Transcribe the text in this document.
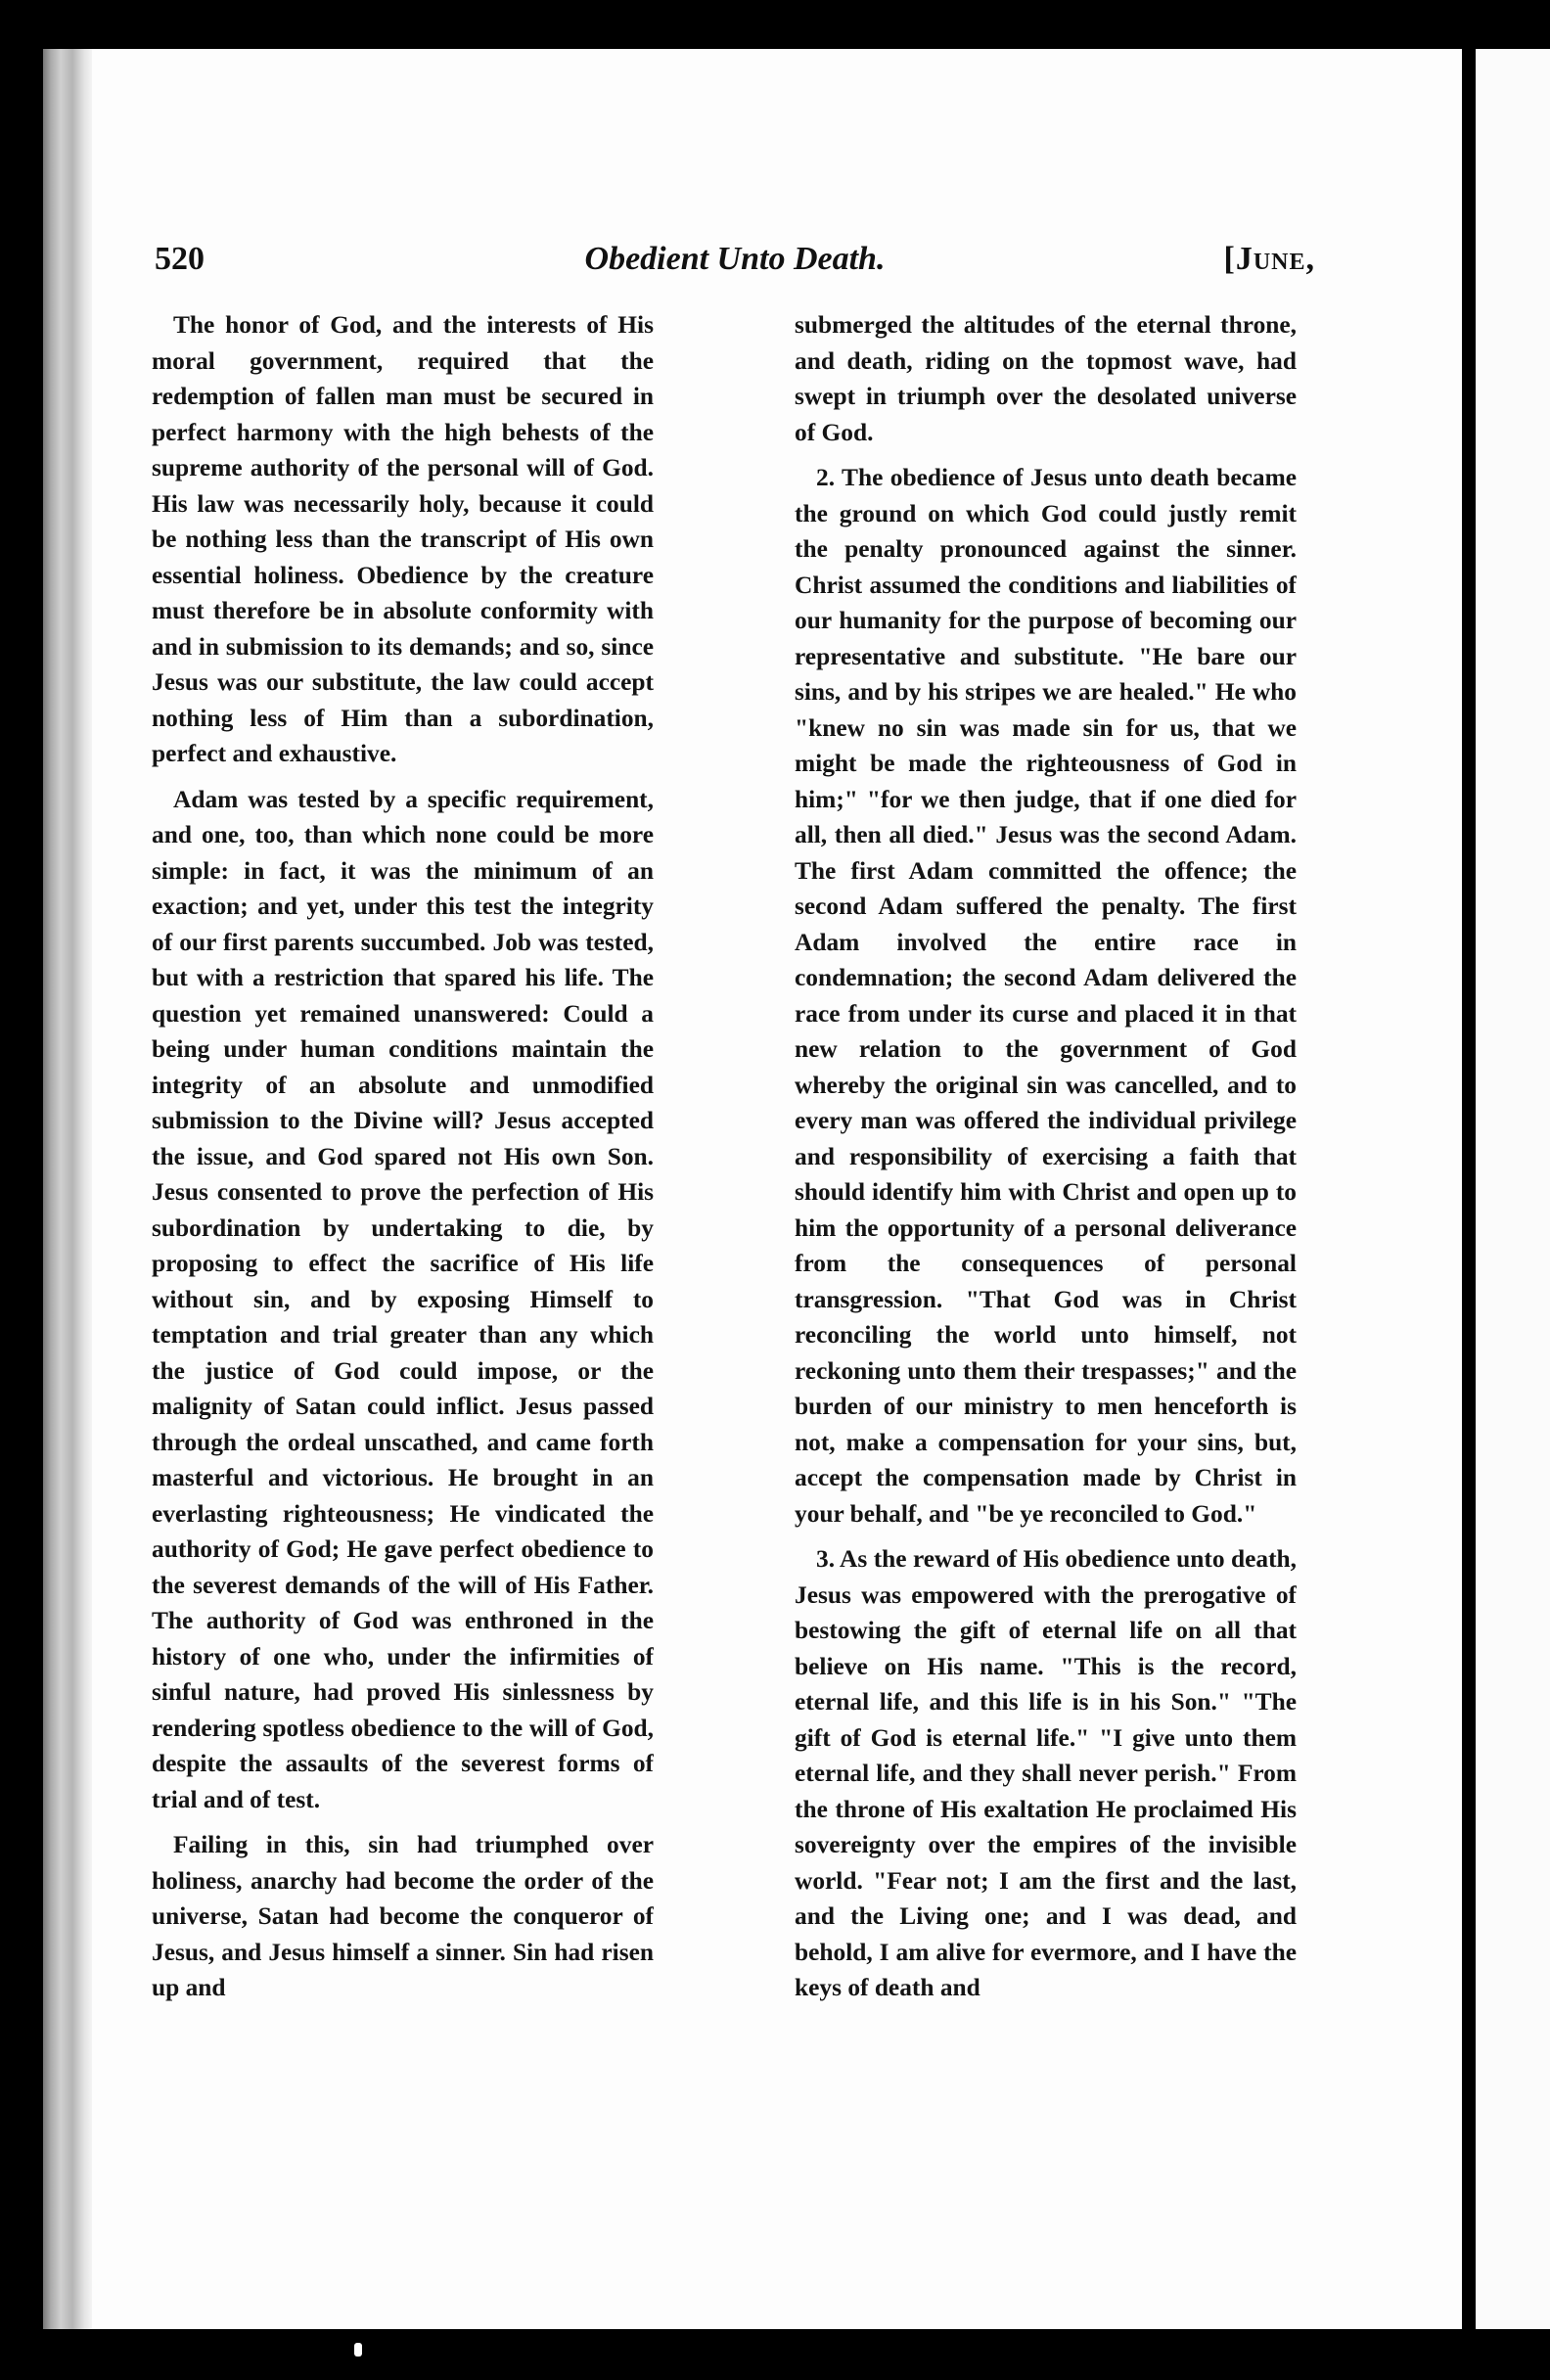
520	Obedient Unto Death.	[June,

The honor of God, and the interests of His moral government, required that the redemption of fallen man must be secured in perfect harmony with the high behests of the supreme authority of the personal will of God. His law was necessarily holy, because it could be nothing less than the transcript of His own essential holiness. Obedience by the creature must therefore be in absolute conformity with and in submission to its demands; and so, since Jesus was our substitute, the law could accept nothing less of Him than a subordination, perfect and exhaustive.

Adam was tested by a specific requirement, and one, too, than which none could be more simple: in fact, it was the minimum of an exaction; and yet, under this test the integrity of our first parents succumbed. Job was tested, but with a restriction that spared his life. The question yet remained unanswered: Could a being under human conditions maintain the integrity of an absolute and unmodified submission to the Divine will? Jesus accepted the issue, and God spared not His own Son. Jesus consented to prove the perfection of His subordination by undertaking to die, by proposing to effect the sacrifice of His life without sin, and by exposing Himself to temptation and trial greater than any which the justice of God could impose, or the malignity of Satan could inflict. Jesus passed through the ordeal unscathed, and came forth masterful and victorious. He brought in an everlasting righteousness; He vindicated the authority of God; He gave perfect obedience to the severest demands of the will of His Father. The authority of God was enthroned in the history of one who, under the infirmities of sinful nature, had proved His sinlessness by rendering spotless obedience to the will of God, despite the assaults of the severest forms of trial and of test.

Failing in this, sin had triumphed over holiness, anarchy had become the order of the universe, Satan had become the conqueror of Jesus, and Jesus himself a sinner. Sin had risen up and

submerged the altitudes of the eternal throne, and death, riding on the topmost wave, had swept in triumph over the desolated universe of God.

2. The obedience of Jesus unto death became the ground on which God could justly remit the penalty pronounced against the sinner. Christ assumed the conditions and liabilities of our humanity for the purpose of becoming our representative and substitute. "He bare our sins, and by his stripes we are healed." He who "knew no sin was made sin for us, that we might be made the righteousness of God in him;" "for we then judge, that if one died for all, then all died." Jesus was the second Adam. The first Adam committed the offence; the second Adam suffered the penalty. The first Adam involved the entire race in condemnation; the second Adam delivered the race from under its curse and placed it in that new relation to the government of God whereby the original sin was cancelled, and to every man was offered the individual privilege and responsibility of exercising a faith that should identify him with Christ and open up to him the opportunity of a personal deliverance from the consequences of personal transgression. "That God was in Christ reconciling the world unto himself, not reckoning unto them their trespasses;" and the burden of our ministry to men henceforth is not, make a compensation for your sins, but, accept the compensation made by Christ in your behalf, and "be ye reconciled to God."

3. As the reward of His obedience unto death, Jesus was empowered with the prerogative of bestowing the gift of eternal life on all that believe on His name. "This is the record, eternal life, and this life is in his Son." "The gift of God is eternal life." "I give unto them eternal life, and they shall never perish." From the throne of His exaltation He proclaimed His sovereignty over the empires of the invisible world. "Fear not; I am the first and the last, and the Living one; and I was dead, and behold, I am alive for evermore, and I have the keys of death and
